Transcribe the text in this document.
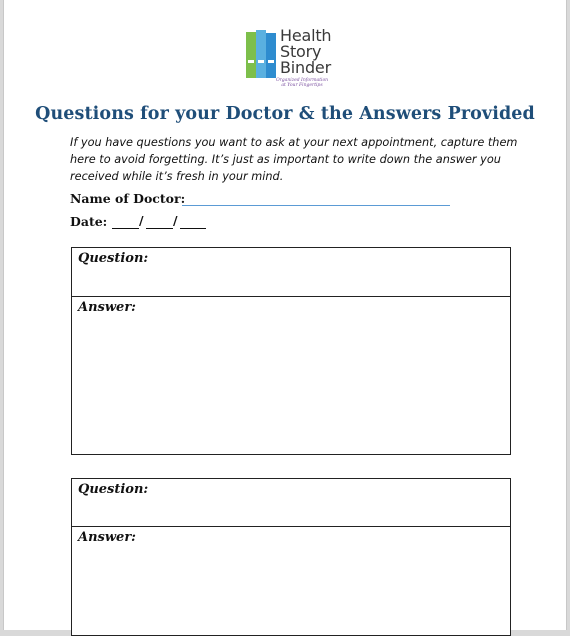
Health
Story
Binder
Organized Information
at Your Fingertips
Questions for your Doctor & the Answers Provided
If you have questions you want to ask at your next appointment, capture them here to avoid forgetting. It’s just as important to write down the answer you received while it’s fresh in your mind.
Name of Doctor:
Date:	/ /
Question:
Answer:
Question:
Answer:
